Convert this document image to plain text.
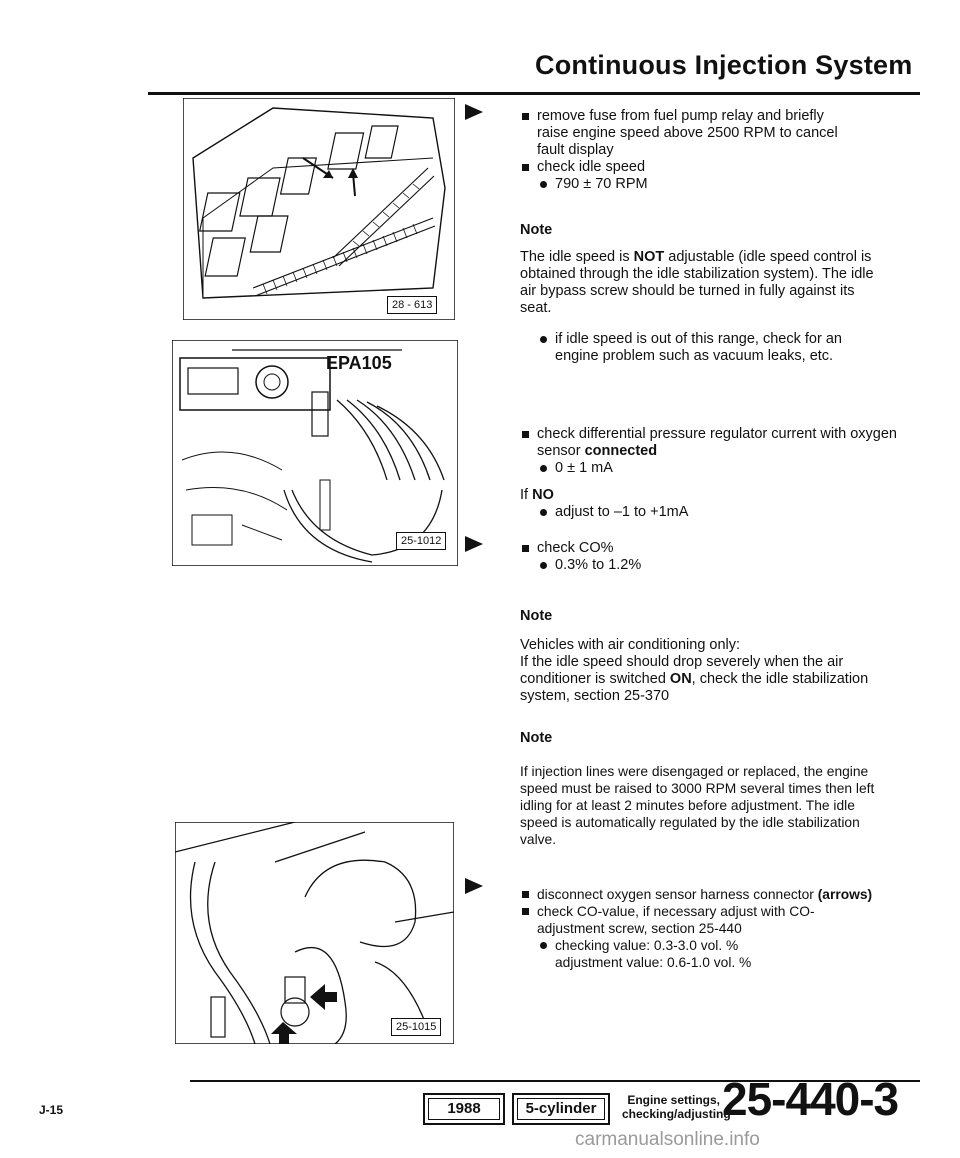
Continuous Injection System
28 - 613
EPA105
25-1012
25-1015
remove fuse from fuel pump relay and briefly raise engine speed above 2500 RPM to cancel fault display
check idle speed
790 ± 70 RPM
Note
The idle speed is NOT adjustable (idle speed control is obtained through the idle stabilization system). The idle air bypass screw should be turned in fully against its seat.
if idle speed is out of this range, check for an engine problem such as vacuum leaks, etc.
check differential pressure regulator current with oxygen sensor connected
0 ± 1 mA
If NO
adjust to –1 to +1mA
check CO%
0.3% to 1.2%
Note
Vehicles with air conditioning only:
If the idle speed should drop severely when the air conditioner is switched ON, check the idle stabilization system, section 25-370
Note
If injection lines were disengaged or replaced, the engine speed must be raised to 3000 RPM several times then left idling for at least 2 minutes before adjustment. The idle speed is automatically regulated by the idle stabilization valve.
disconnect oxygen sensor harness connector (arrows)
check CO-value, if necessary adjust with CO-adjustment screw, section 25-440
checking value: 0.3-3.0 vol. %
adjustment value: 0.6-1.0 vol. %
J-15	1988	5-cylinder	Engine settings,
checking/adjusting
25-440-3
carmanualsonline.info
